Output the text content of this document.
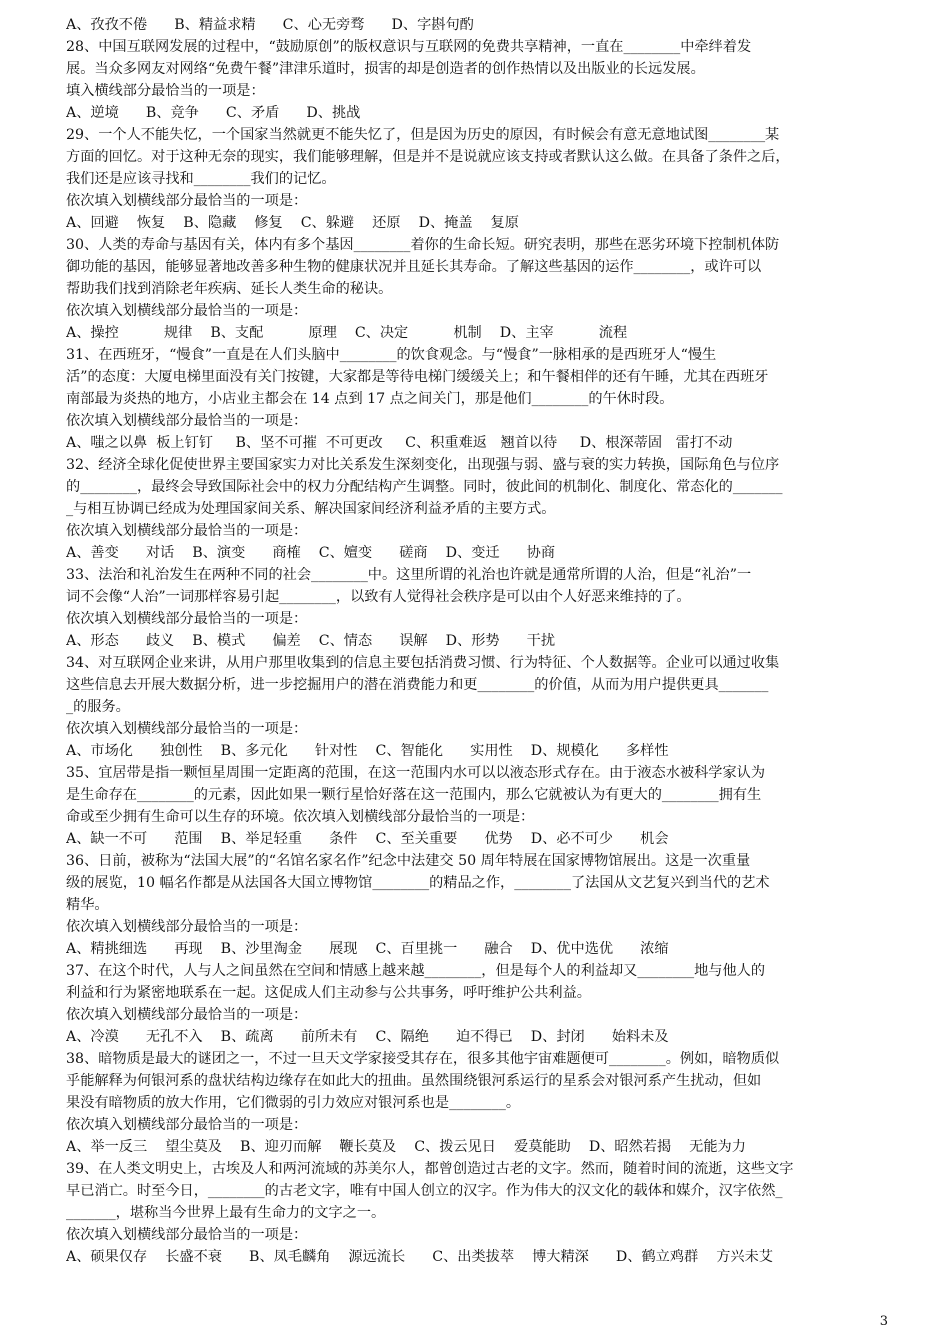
A、孜孜不倦      B、精益求精      C、心无旁骛      D、字斟句酌
28、中国互联网发展的过程中，“鼓励原创”的版权意识与互联网的免费共享精神，一直在________中牵绊着发
展。当众多网友对网络“免费午餐”津津乐道时，损害的却是创造者的创作热情以及出版业的长远发展。
填入横线部分最恰当的一项是：
A、逆境      B、竞争      C、矛盾      D、挑战
29、一个人不能失忆，一个国家当然就更不能失忆了，但是因为历史的原因，有时候会有意无意地试图________某
方面的回忆。对于这种无奈的现实，我们能够理解，但是并不是说就应该支持或者默认这么做。在具备了条件之后，
我们还是应该寻找和________我们的记忆。
依次填入划横线部分最恰当的一项是：
A、回避    恢复    B、隐藏    修复    C、躲避    还原    D、掩盖    复原
30、人类的寿命与基因有关，体内有多个基因________着你的生命长短。研究表明，那些在恶劣环境下控制机体防
御功能的基因，能够显著地改善多种生物的健康状况并且延长其寿命。了解这些基因的运作________，或许可以
帮助我们找到消除老年疾病、延长人类生命的秘诀。
依次填入划横线部分最恰当的一项是：
A、操控          规律    B、支配          原理    C、决定          机制    D、主宰          流程
31、在西班牙，“慢食”一直是在人们头脑中________的饮食观念。与“慢食”一脉相承的是西班牙人“慢生
活”的态度：大厦电梯里面没有关门按键，大家都是等待电梯门缓缓关上；和午餐相伴的还有午睡，尤其在西班牙
南部最为炎热的地方，小店业主都会在 14 点到 17 点之间关门，那是他们________的午休时段。
依次填入划横线部分最恰当的一项是：
A、嗤之以鼻  板上钉钉     B、坚不可摧  不可更改     C、积重难返   翘首以待     D、根深蒂固   雷打不动
32、经济全球化促使世界主要国家实力对比关系发生深刻变化，出现强与弱、盛与衰的实力转换，国际角色与位序
的________，最终会导致国际社会中的权力分配结构产生调整。同时，彼此间的机制化、制度化、常态化的_______
_与相互协调已经成为处理国家间关系、解决国家间经济利益矛盾的主要方式。
依次填入划横线部分最恰当的一项是：
A、善变      对话    B、演变      商榷    C、嬗变      磋商    D、变迁      协商
33、法治和礼治发生在两种不同的社会________中。这里所谓的礼治也许就是通常所谓的人治，但是“礼治”一
词不会像“人治”一词那样容易引起________，以致有人觉得社会秩序是可以由个人好恶来维持的了。
依次填入划横线部分最恰当的一项是：
A、形态      歧义    B、模式      偏差    C、情态      误解    D、形势      干扰
34、对互联网企业来讲，从用户那里收集到的信息主要包括消费习惯、行为特征、个人数据等。企业可以通过收集
这些信息去开展大数据分析，进一步挖掘用户的潜在消费能力和更________的价值，从而为用户提供更具_______
_的服务。
依次填入划横线部分最恰当的一项是：
A、市场化      独创性    B、多元化      针对性    C、智能化      实用性    D、规模化      多样性
35、宜居带是指一颗恒星周围一定距离的范围，在这一范围内水可以以液态形式存在。由于液态水被科学家认为
是生命存在________的元素，因此如果一颗行星恰好落在这一范围内，那么它就被认为有更大的________拥有生
命或至少拥有生命可以生存的环境。依次填入划横线部分最恰当的一项是：
A、缺一不可      范围    B、举足轻重      条件    C、至关重要      优势    D、必不可少      机会
36、日前，被称为“法国大展”的“名馆名家名作”纪念中法建交 50 周年特展在国家博物馆展出。这是一次重量
级的展览，10 幅名作都是从法国各大国立博物馆________的精品之作，________了法国从文艺复兴到当代的艺术
精华。
依次填入划横线部分最恰当的一项是：
A、精挑细选      再现    B、沙里淘金      展现    C、百里挑一      融合    D、优中选优      浓缩
37、在这个时代，人与人之间虽然在空间和情感上越来越________，但是每个人的利益却又________地与他人的
利益和行为紧密地联系在一起。这促成人们主动参与公共事务，呼吁维护公共利益。
依次填入划横线部分最恰当的一项是：
A、冷漠      无孔不入    B、疏离      前所未有    C、隔绝      迫不得已    D、封闭      始料未及
38、暗物质是最大的谜团之一，不过一旦天文学家接受其存在，很多其他宇宙难题便可________。例如，暗物质似
乎能解释为何银河系的盘状结构边缘存在如此大的扭曲。虽然围绕银河系运行的星系会对银河系产生扰动，但如
果没有暗物质的放大作用，它们微弱的引力效应对银河系也是________。
依次填入划横线部分最恰当的一项是：
A、举一反三    望尘莫及    B、迎刃而解    鞭长莫及    C、拨云见日    爱莫能助    D、昭然若揭    无能为力
39、在人类文明史上，古埃及人和两河流域的苏美尔人，都曾创造过古老的文字。然而，随着时间的流逝，这些文字
早已消亡。时至今日，________的古老文字，唯有中国人创立的汉字。作为伟大的汉文化的载体和媒介，汉字依然_
_______，堪称当今世界上最有生命力的文字之一。
依次填入划横线部分最恰当的一项是：
A、硕果仅存    长盛不衰      B、凤毛麟角    源远流长      C、出类拔萃    博大精深      D、鹤立鸡群    方兴未艾
3
